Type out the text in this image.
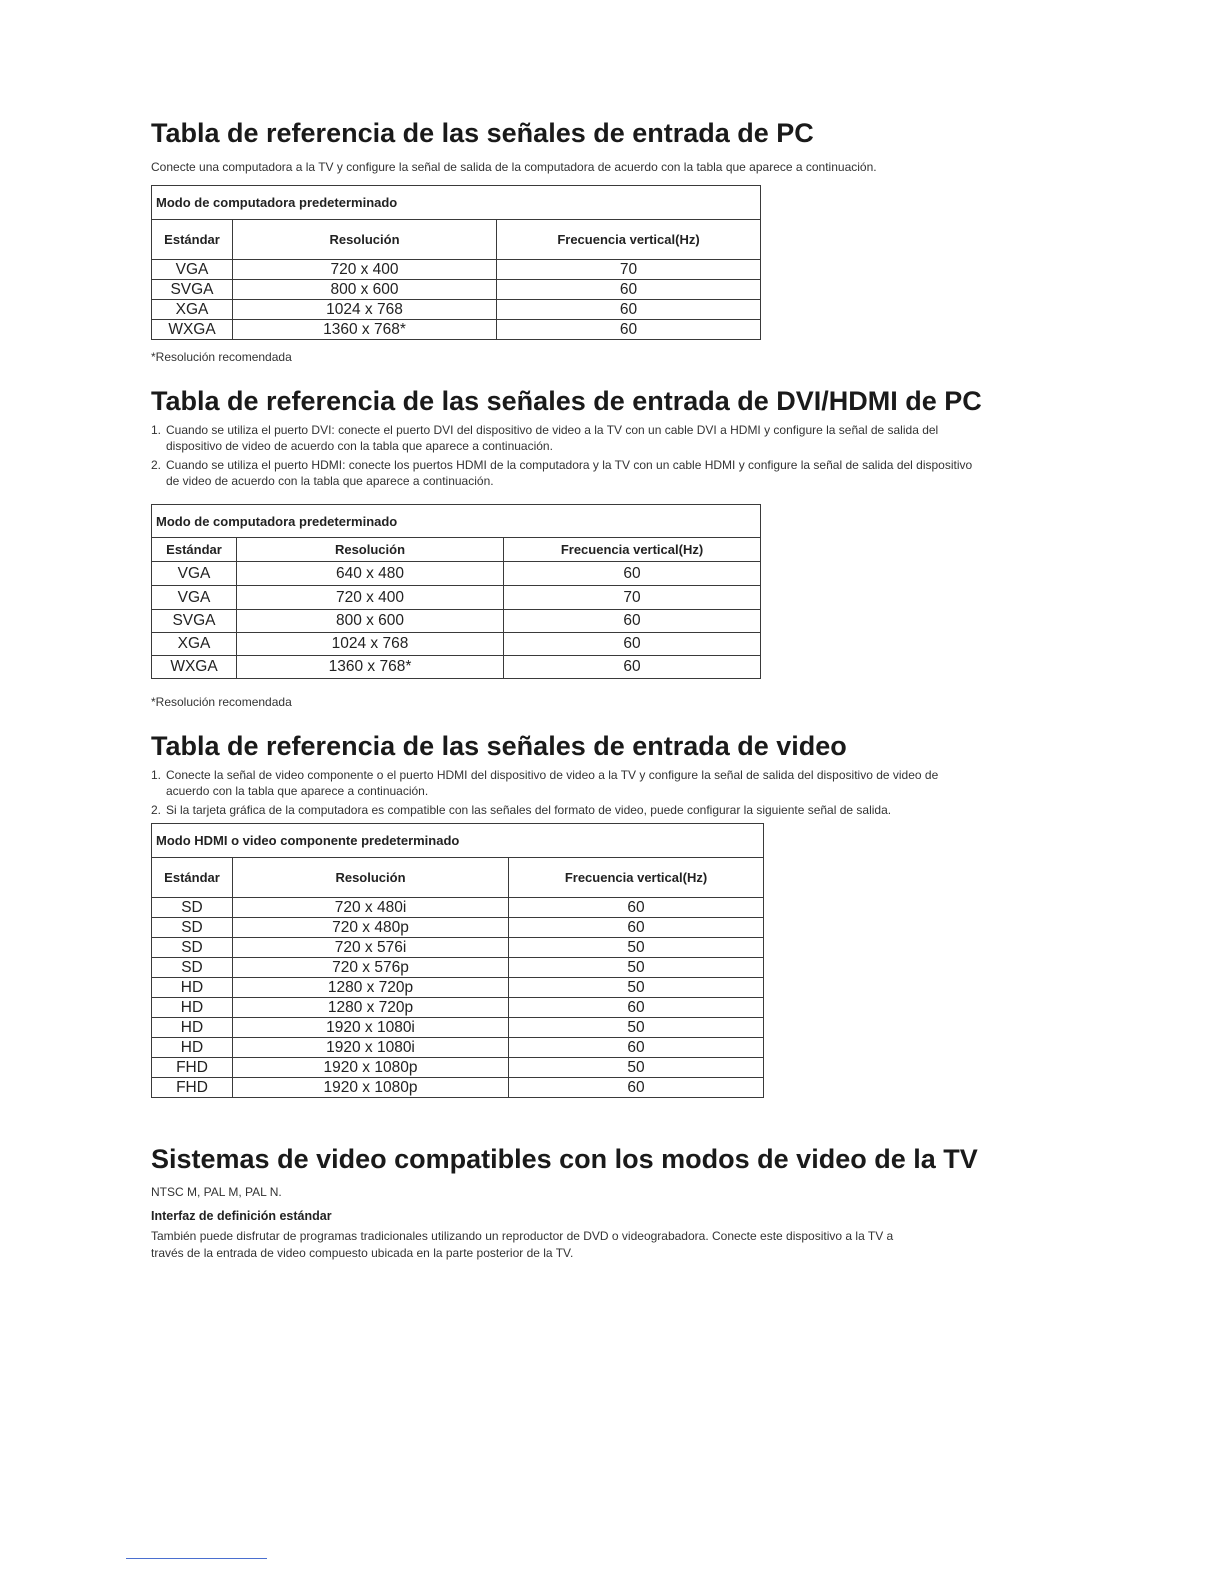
Tabla de referencia de las señales de entrada de PC

Conecte una computadora a la TV y configure la señal de salida de la computadora de acuerdo con la tabla que aparece a continuación.

Modo de computadora predeterminado		
Estándar	Resolución	Frecuencia vertical(Hz)
VGA	720 x 400	70
SVGA	800 x 600	60
XGA	1024 x 768	60
WXGA	1360 x 768*	60

*Resolución recomendada

Tabla de referencia de las señales de entrada de DVI/HDMI de PC
1. Cuando se utiliza el puerto DVI: conecte el puerto DVI del dispositivo de video a la TV con un cable DVI a HDMI y configure la señal de salida del
dispositivo de video de acuerdo con la tabla que aparece a continuación.
2. Cuando se utiliza el puerto HDMI: conecte los puertos HDMI de la computadora y la TV con un cable HDMI y configure la señal de salida del dispositivo
de video de acuerdo con la tabla que aparece a continuación.
Modo de computadora predeterminado		
Estándar	Resolución	Frecuencia vertical(Hz)
VGA	640 x 480	60
VGA	720 x 400	70
SVGA	800 x 600	60
XGA	1024 x 768	60
WXGA	1360 x 768*	60

*Resolución recomendada

Tabla de referencia de las señales de entrada de video
1. Conecte la señal de video componente o el puerto HDMI del dispositivo de video a la TV y configure la señal de salida del dispositivo de video de
acuerdo con la tabla que aparece a continuación.
2. Si la tarjeta gráfica de la computadora es compatible con las señales del formato de video, puede configurar la siguiente señal de salida.
Modo HDMI o video componente predeterminado		
Estándar	Resolución	Frecuencia vertical(Hz)
SD	720 x 480i	60
SD	720 x 480p	60
SD	720 x 576i	50
SD	720 x 576p	50
HD	1280 x 720p	50
HD	1280 x 720p	60
HD	1920 x 1080i	50
HD	1920 x 1080i	60
FHD	1920 x 1080p	50
FHD	1920 x 1080p	60
Sistemas de video compatibles con los modos de video de la TV

NTSC M, PAL M, PAL N.

Interfaz de definición estándar

También puede disfrutar de programas tradicionales utilizando un reproductor de DVD o videograbadora. Conecte este dispositivo a la TV a

través de la entrada de video compuesto ubicada en la parte posterior de la TV.
